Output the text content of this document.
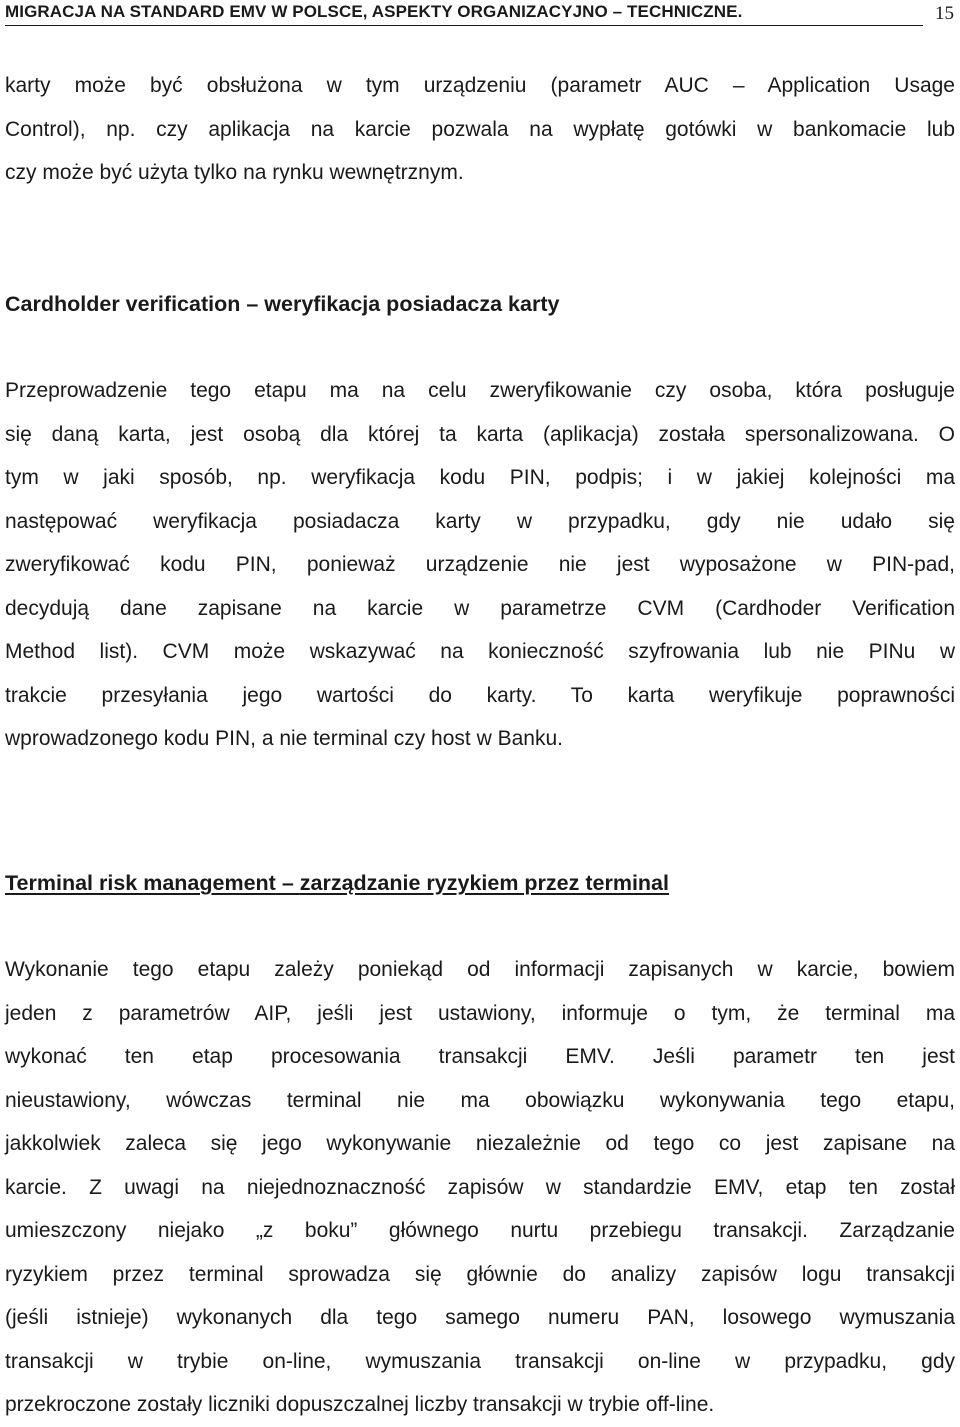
MIGRACJA NA STANDARD EMV W POLSCE, ASPEKTY ORGANIZACYJNO – TECHNICZNE.	15
karty może być obsłużona w tym urządzeniu (parametr AUC – Application Usage
Control), np. czy aplikacja na karcie pozwala na wypłatę gotówki w bankomacie lub
czy może być użyta tylko na rynku wewnętrznym.
Cardholder verification – weryfikacja posiadacza karty
Przeprowadzenie tego etapu ma na celu zweryfikowanie czy osoba, która posługuje
się daną karta, jest osobą dla której ta karta (aplikacja) została spersonalizowana. O
tym w jaki sposób, np. weryfikacja kodu PIN, podpis; i w jakiej kolejności ma
następować weryfikacja posiadacza karty w przypadku, gdy nie udało się
zweryfikować kodu PIN, ponieważ urządzenie nie jest wyposażone w PIN-pad,
decydują dane zapisane na karcie w parametrze CVM (Cardhoder Verification
Method list). CVM może wskazywać na konieczność szyfrowania lub nie PINu w
trakcie przesyłania jego wartości do karty. To karta weryfikuje poprawności
wprowadzonego kodu PIN, a nie terminal czy host w Banku.
Terminal risk management – zarządzanie ryzykiem przez terminal
Wykonanie tego etapu zależy poniekąd od informacji zapisanych w karcie, bowiem
jeden z parametrów AIP, jeśli jest ustawiony, informuje o tym, że terminal ma
wykonać ten etap procesowania transakcji EMV. Jeśli parametr ten jest
nieustawiony, wówczas terminal nie ma obowiązku wykonywania tego etapu,
jakkolwiek zaleca się jego wykonywanie niezależnie od tego co jest zapisane na
karcie. Z uwagi na niejednoznaczność zapisów w standardzie EMV, etap ten został
umieszczony niejako „z boku” głównego nurtu przebiegu transakcji. Zarządzanie
ryzykiem przez terminal sprowadza się głównie do analizy zapisów logu transakcji
(jeśli istnieje) wykonanych dla tego samego numeru PAN, losowego wymuszania
transakcji w trybie on-line, wymuszania transakcji on-line w przypadku, gdy
przekroczone zostały liczniki dopuszczalnej liczby transakcji w trybie off-line.
